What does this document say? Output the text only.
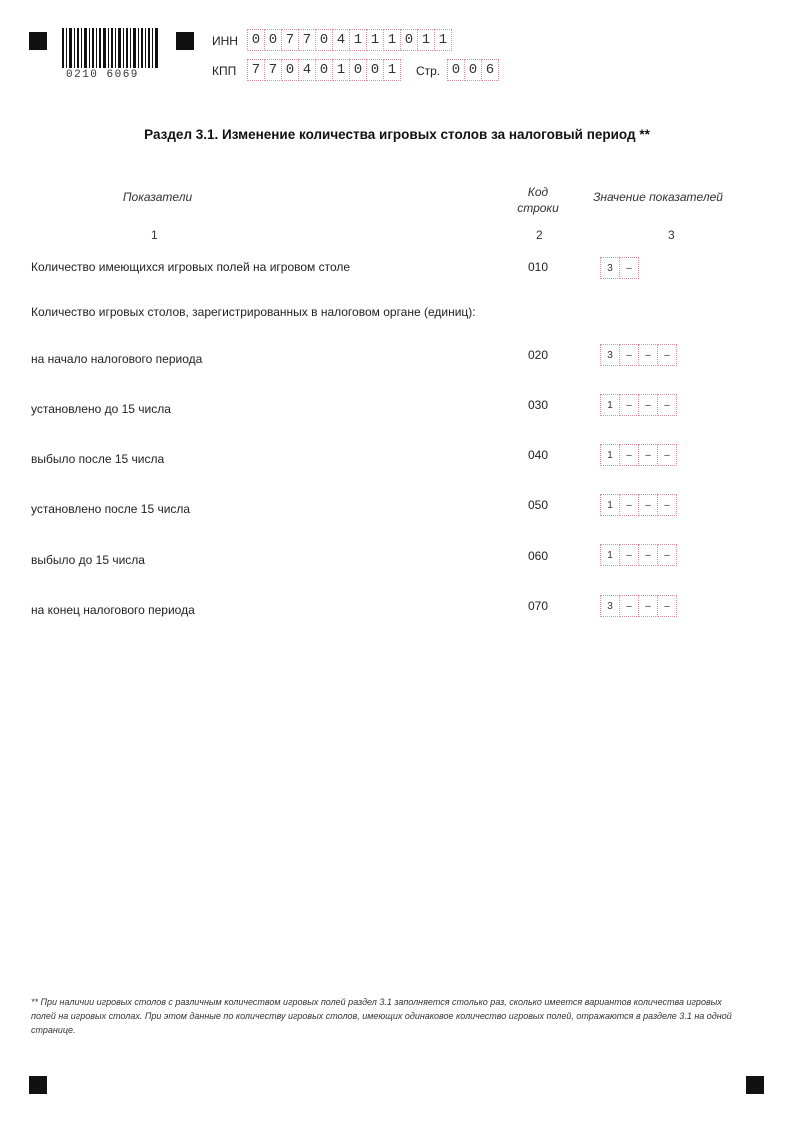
0210 6069
ИНН 0 0 7 7 0 4 1 1 1 0 1 1
КПП	7 7 0 4 0 1 0 0 1	Стр. 0 0 6
Раздел 3.1. Изменение количества игровых столов за налоговый период **
Показатели	Код
строки
Значение показателей
1	2	3
Количество имеющихся игровых полей на игровом столе	010	3	–
Количество игровых столов, зарегистрированных в налоговом органе (единиц):
на начало налогового периода	020	3	–	–	–
установлено до 15 числа	030	1	–	–	–
выбыло после 15 числа	040	1	–	–	–
установлено после 15 числа	050	1	–	–	–
выбыло до 15 числа	060	1	–	–	–
на конец налогового периода	070	3	–	–	–
** При наличии игровых столов с различным количеством игровых полей раздел 3.1 заполняется столько раз, сколько имеется вариантов количества игровых полей на игровых столах. При этом данные по количеству игровых столов, имеющих одинаковое количество игровых полей, отражаются в разделе 3.1 на одной странице.
